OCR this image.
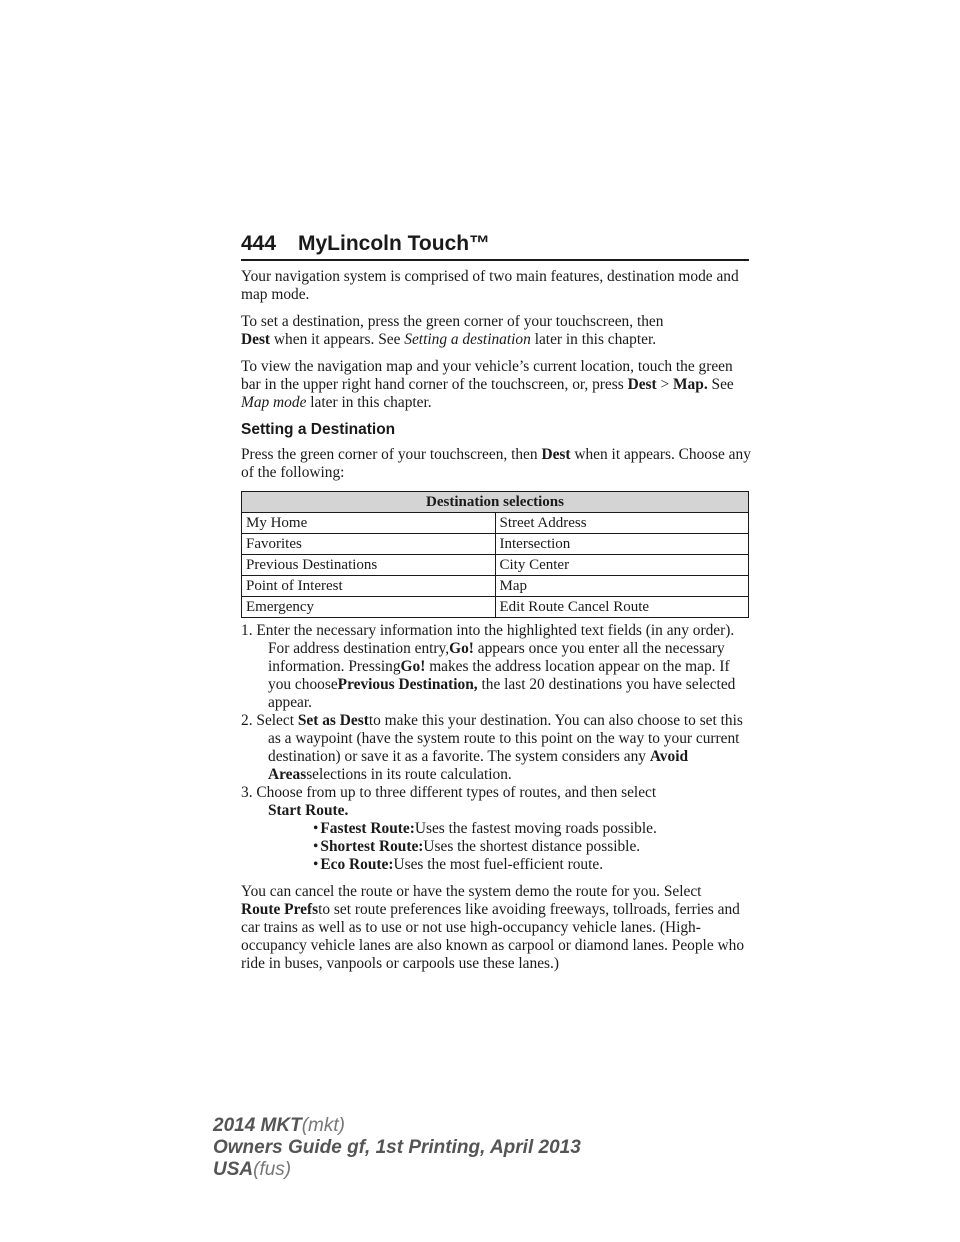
444 MyLincoln Touch™

Your navigation system is comprised of two main features, destination mode and map mode.

To set a destination, press the green corner of your touchscreen, then
Dest when it appears. See Setting a destination later in this chapter.

To view the navigation map and your vehicle’s current location, touch the green bar in the upper right hand corner of the touchscreen, or, press Dest > Map. See Map mode later in this chapter.

Setting a Destination

Press the green corner of your touchscreen, then Dest when it appears. Choose any of the following:

Destination selections	
My Home	Street Address
Favorites	Intersection
Previous Destinations	City Center
Point of Interest	Map
Emergency	Edit Route Cancel Route
1. Enter the necessary information into the highlighted text fields (in any order). For address destination entry,Go! appears once you enter all the necessary information. PressingGo! makes the address location appear on the map. If you choosePrevious Destination, the last 20 destinations you have selected appear.
2. Select Set as Destto make this your destination. You can also choose to set this as a waypoint (have the system route to this point on the way to your current destination) or save it as a favorite. The system considers any Avoid Areasselections in its route calculation.
3. Choose from up to three different types of routes, and then select
Start Route.
• Fastest Route:Uses the fastest moving roads possible.
• Shortest Route:Uses the shortest distance possible.
• Eco Route:Uses the most fuel-efficient route.

You can cancel the route or have the system demo the route for you. Select
Route Prefsto set route preferences like avoiding freeways, tollroads, ferries and car trains as well as to use or not use high-occupancy vehicle lanes. (High-occupancy vehicle lanes are also known as carpool or diamond lanes. People who ride in buses, vanpools or carpools use these lanes.)

2014 MKT(mkt)
Owners Guide gf, 1st Printing, April 2013
USA(fus)
